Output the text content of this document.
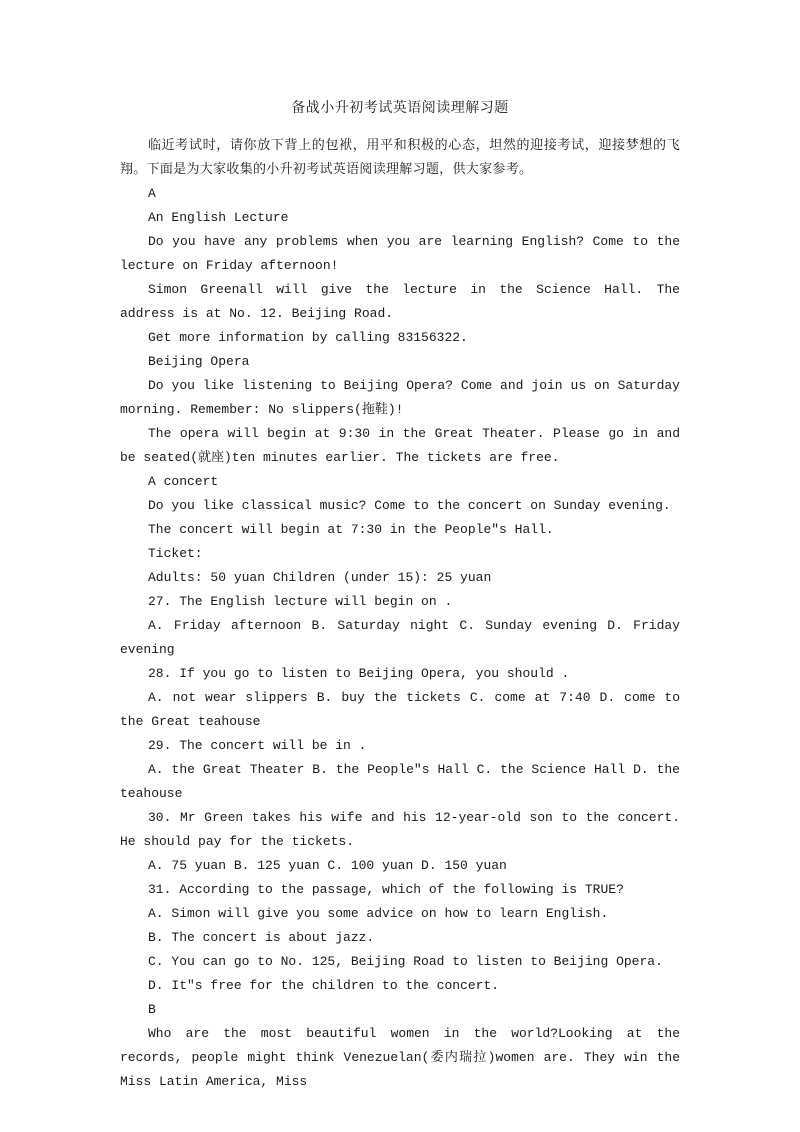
备战小升初考试英语阅读理解习题

临近考试时，请你放下背上的包袱，用平和积极的心态，坦然的迎接考试，迎接梦想的飞翔。下面是为大家收集的小升初考试英语阅读理解习题，供大家参考。

A

An English Lecture

Do you have any problems when you are learning English? Come to the lecture on Friday afternoon!

Simon Greenall will give the lecture in the Science Hall. The address is at No. 12. Beijing Road.

Get more information by calling 83156322.

Beijing Opera

Do you like listening to Beijing Opera? Come and join us on Saturday morning. Remember: No slippers(拖鞋)!

The opera will begin at 9:30 in the Great Theater. Please go in and be seated(就座)ten minutes earlier. The tickets are free.

A concert

Do you like classical music? Come to the concert on Sunday evening.

The concert will begin at 7:30 in the People"s Hall.

Ticket:

Adults: 50 yuan Children (under 15): 25 yuan

27. The English lecture will begin on .

A. Friday afternoon B. Saturday night C. Sunday evening D. Friday evening

28. If you go to listen to Beijing Opera, you should .

A. not wear slippers B. buy the tickets C. come at 7:40 D. come to the Great teahouse

29. The concert will be in .

A. the Great Theater B. the People"s Hall C. the Science Hall D. the teahouse

30. Mr Green takes his wife and his 12-year-old son to the concert. He should pay for the tickets.

A. 75 yuan B. 125 yuan C. 100 yuan D. 150 yuan

31. According to the passage, which of the following is TRUE?

A. Simon will give you some advice on how to learn English.

B. The concert is about jazz.

C. You can go to No. 125, Beijing Road to listen to Beijing Opera.

D. It"s free for the children to the concert.

B

Who are the most beautiful women in the world?Looking at the records, people might think Venezuelan(委内瑞拉)women are. They win the Miss Latin America, Miss
